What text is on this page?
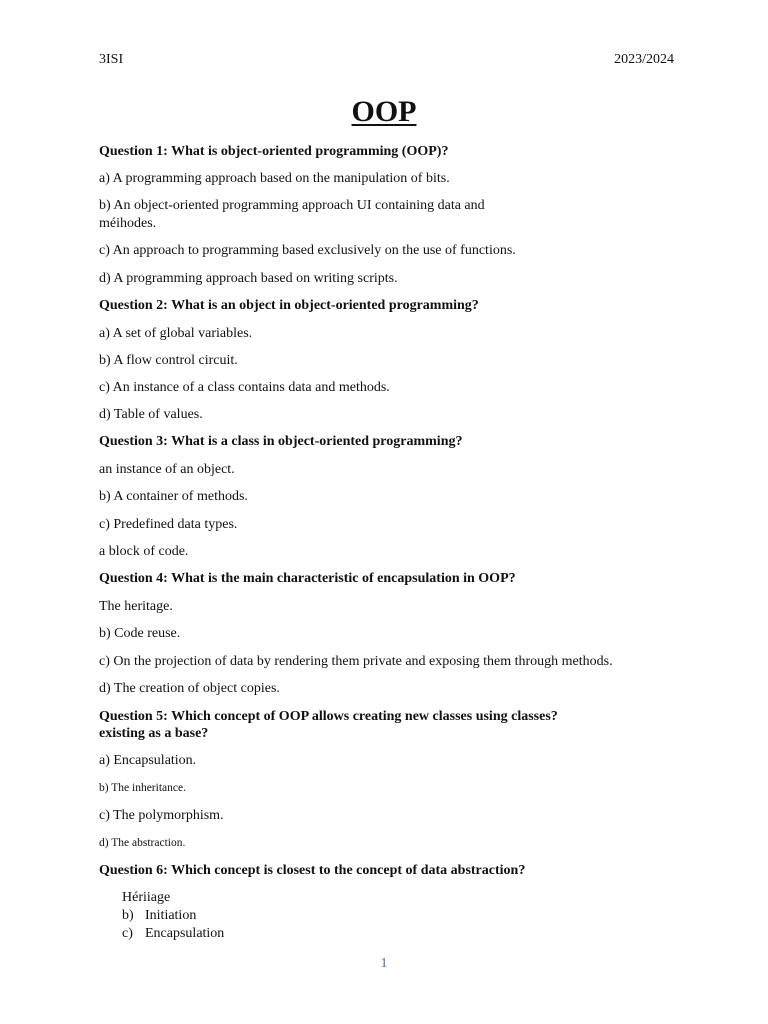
3ISI	2023/2024
OOP
Question 1: What is object-oriented programming (OOP)?
a) A programming approach based on the manipulation of bits.
b) An object-oriented programming approach UI containing data and
méihodes.
c) An approach to programming based exclusively on the use of functions.
d) A programming approach based on writing scripts.
Question 2: What is an object in object-oriented programming?
a) A set of global variables.
b) A flow control circuit.
c) An instance of a class contains data and methods.
d) Table of values.
Question 3: What is a class in object-oriented programming?
an instance of an object.
b) A container of methods.
c) Predefined data types.
a block of code.
Question 4: What is the main characteristic of encapsulation in OOP?
The heritage.
b) Code reuse.
c) On the projection of data by rendering them private and exposing them through methods.
d) The creation of object copies.
Question 5: Which concept of OOP allows creating new classes using classes?
existing as a base?
a) Encapsulation.
b) The inheritance.
c) The polymorphism.
d) The abstraction.
Question 6: Which concept is closest to the concept of data abstraction?
Hériiage
b) Initiation
c) Encapsulation
1
